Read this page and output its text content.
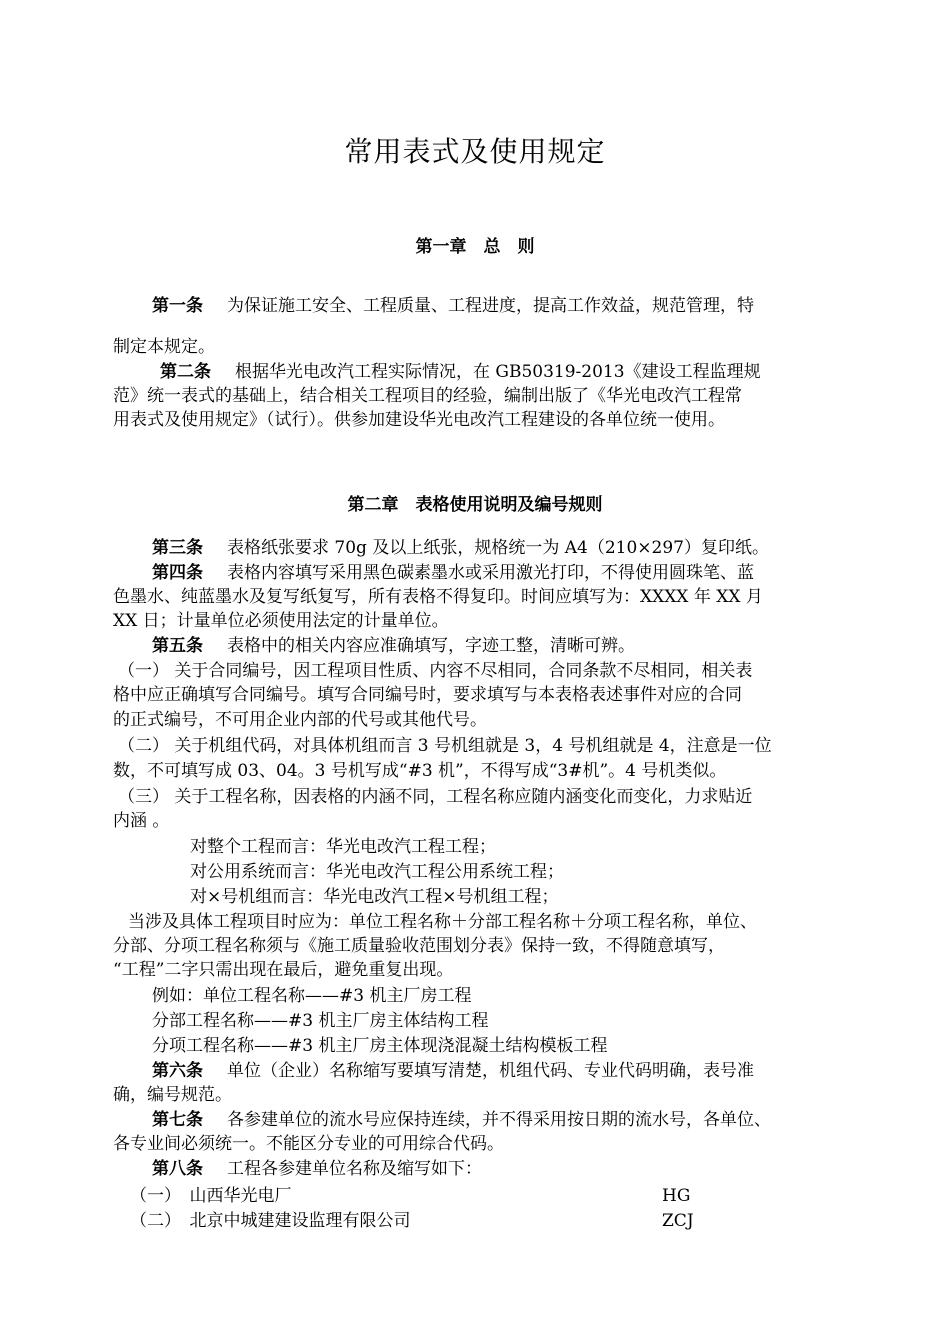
常用表式及使用规定
第一章　总　则
第一条 为保证施工安全、工程质量、工程进度，提高工作效益，规范管理，特
制定本规定。
第二条 根据华光电改汽工程实际情况，在 GB50319-2013《建设工程监理规
范》统一表式的基础上，结合相关工程项目的经验，编制出版了《华光电改汽工程常
用表式及使用规定》（试行）。供参加建设华光电改汽工程建设的各单位统一使用。
第二章　表格使用说明及编号规则
第三条 表格纸张要求 70g 及以上纸张，规格统一为 A4（210×297）复印纸。
第四条 表格内容填写采用黑色碳素墨水或采用激光打印，不得使用圆珠笔、蓝
色墨水、纯蓝墨水及复写纸复写，所有表格不得复印。时间应填写为：XXXX 年 XX 月
XX 日；计量单位必须使用法定的计量单位。
第五条 表格中的相关内容应准确填写，字迹工整，清晰可辨。
（一） 关于合同编号，因工程项目性质、内容不尽相同，合同条款不尽相同，相关表
格中应正确填写合同编号。填写合同编号时，要求填写与本表格表述事件对应的合同
的正式编号，不可用企业内部的代号或其他代号。
（二） 关于机组代码，对具体机组而言 3 号机组就是 3，4 号机组就是 4，注意是一位
数，不可填写成 03、04。3 号机写成“#3 机”，不得写成“3#机”。4 号机类似。
（三） 关于工程名称，因表格的内涵不同，工程名称应随内涵变化而变化，力求贴近
内涵 。
对整个工程而言：华光电改汽工程工程；
对公用系统而言：华光电改汽工程公用系统工程；
对×号机组而言：华光电改汽工程×号机组工程；
当涉及具体工程项目时应为：单位工程名称＋分部工程名称＋分项工程名称，单位、
分部、分项工程名称须与《施工质量验收范围划分表》保持一致，不得随意填写，
“工程”二字只需出现在最后，避免重复出现。
例如：单位工程名称——#3 机主厂房工程
分部工程名称——#3 机主厂房主体结构工程
分项工程名称——#3 机主厂房主体现浇混凝土结构模板工程
第六条 单位（企业）名称缩写要填写清楚，机组代码、专业代码明确，表号准
确，编号规范。
第七条 各参建单位的流水号应保持连续，并不得采用按日期的流水号，各单位、
各专业间必须统一。不能区分专业的可用综合代码。
第八条 工程各参建单位名称及缩写如下：
（一）　山西华光电厂	HG
（二）　北京中城建建设监理有限公司	ZCJ
